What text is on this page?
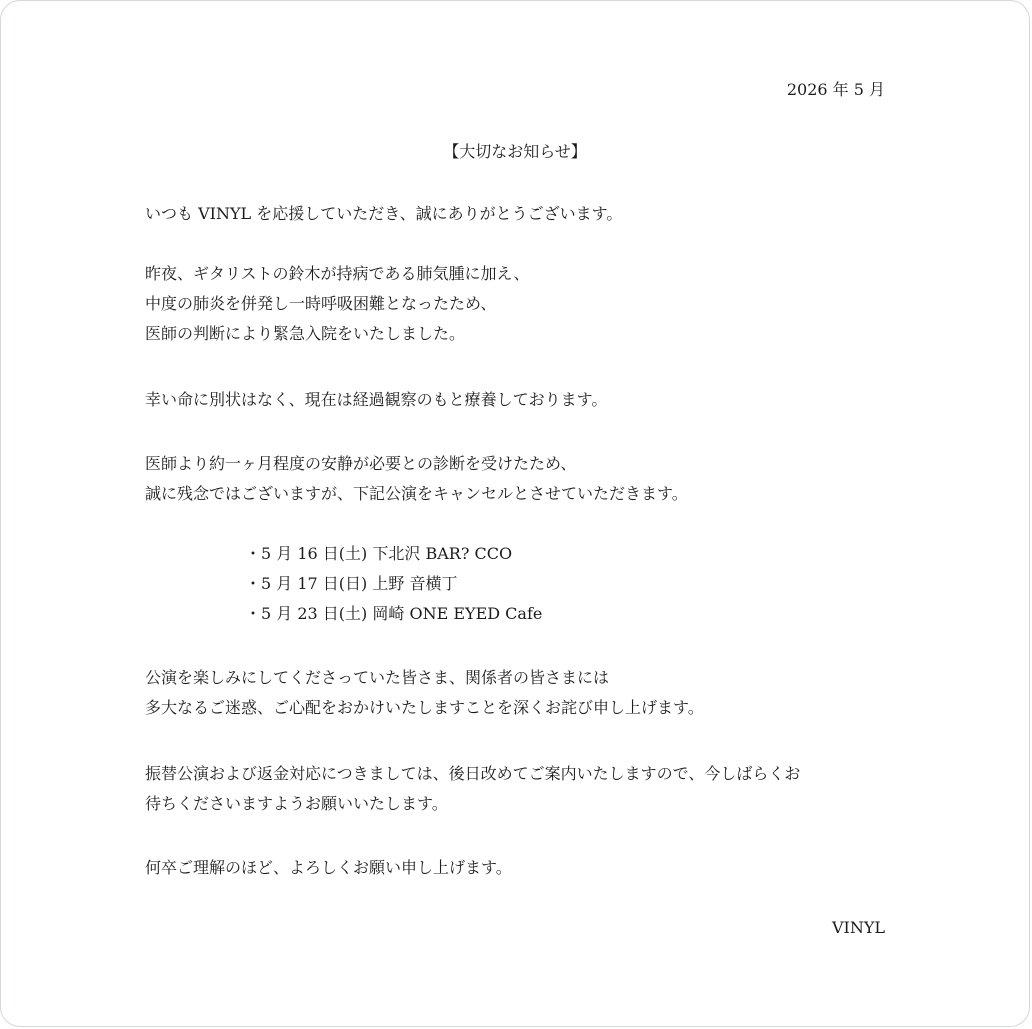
2026 年 5 月
【大切なお知らせ】
いつも VINYL を応援していただき、誠にありがとうございます。
昨夜、ギタリストの鈴木が持病である肺気腫に加え、
中度の肺炎を併発し一時呼吸困難となったため、
医師の判断により緊急入院をいたしました。
幸い命に別状はなく、現在は経過観察のもと療養しております。
医師より約一ヶ月程度の安静が必要との診断を受けたため、
誠に残念ではございますが、下記公演をキャンセルとさせていただきます。
・5 月 16 日(土) 下北沢 BAR? CCO
・5 月 17 日(日) 上野 音横丁
・5 月 23 日(土) 岡崎 ONE EYED Cafe
公演を楽しみにしてくださっていた皆さま、関係者の皆さまには
多大なるご迷惑、ご心配をおかけいたしますことを深くお詫び申し上げます。
振替公演および返金対応につきましては、後日改めてご案内いたしますので、今しばらくお
待ちくださいますようお願いいたします。
何卒ご理解のほど、よろしくお願い申し上げます。
VINYL
